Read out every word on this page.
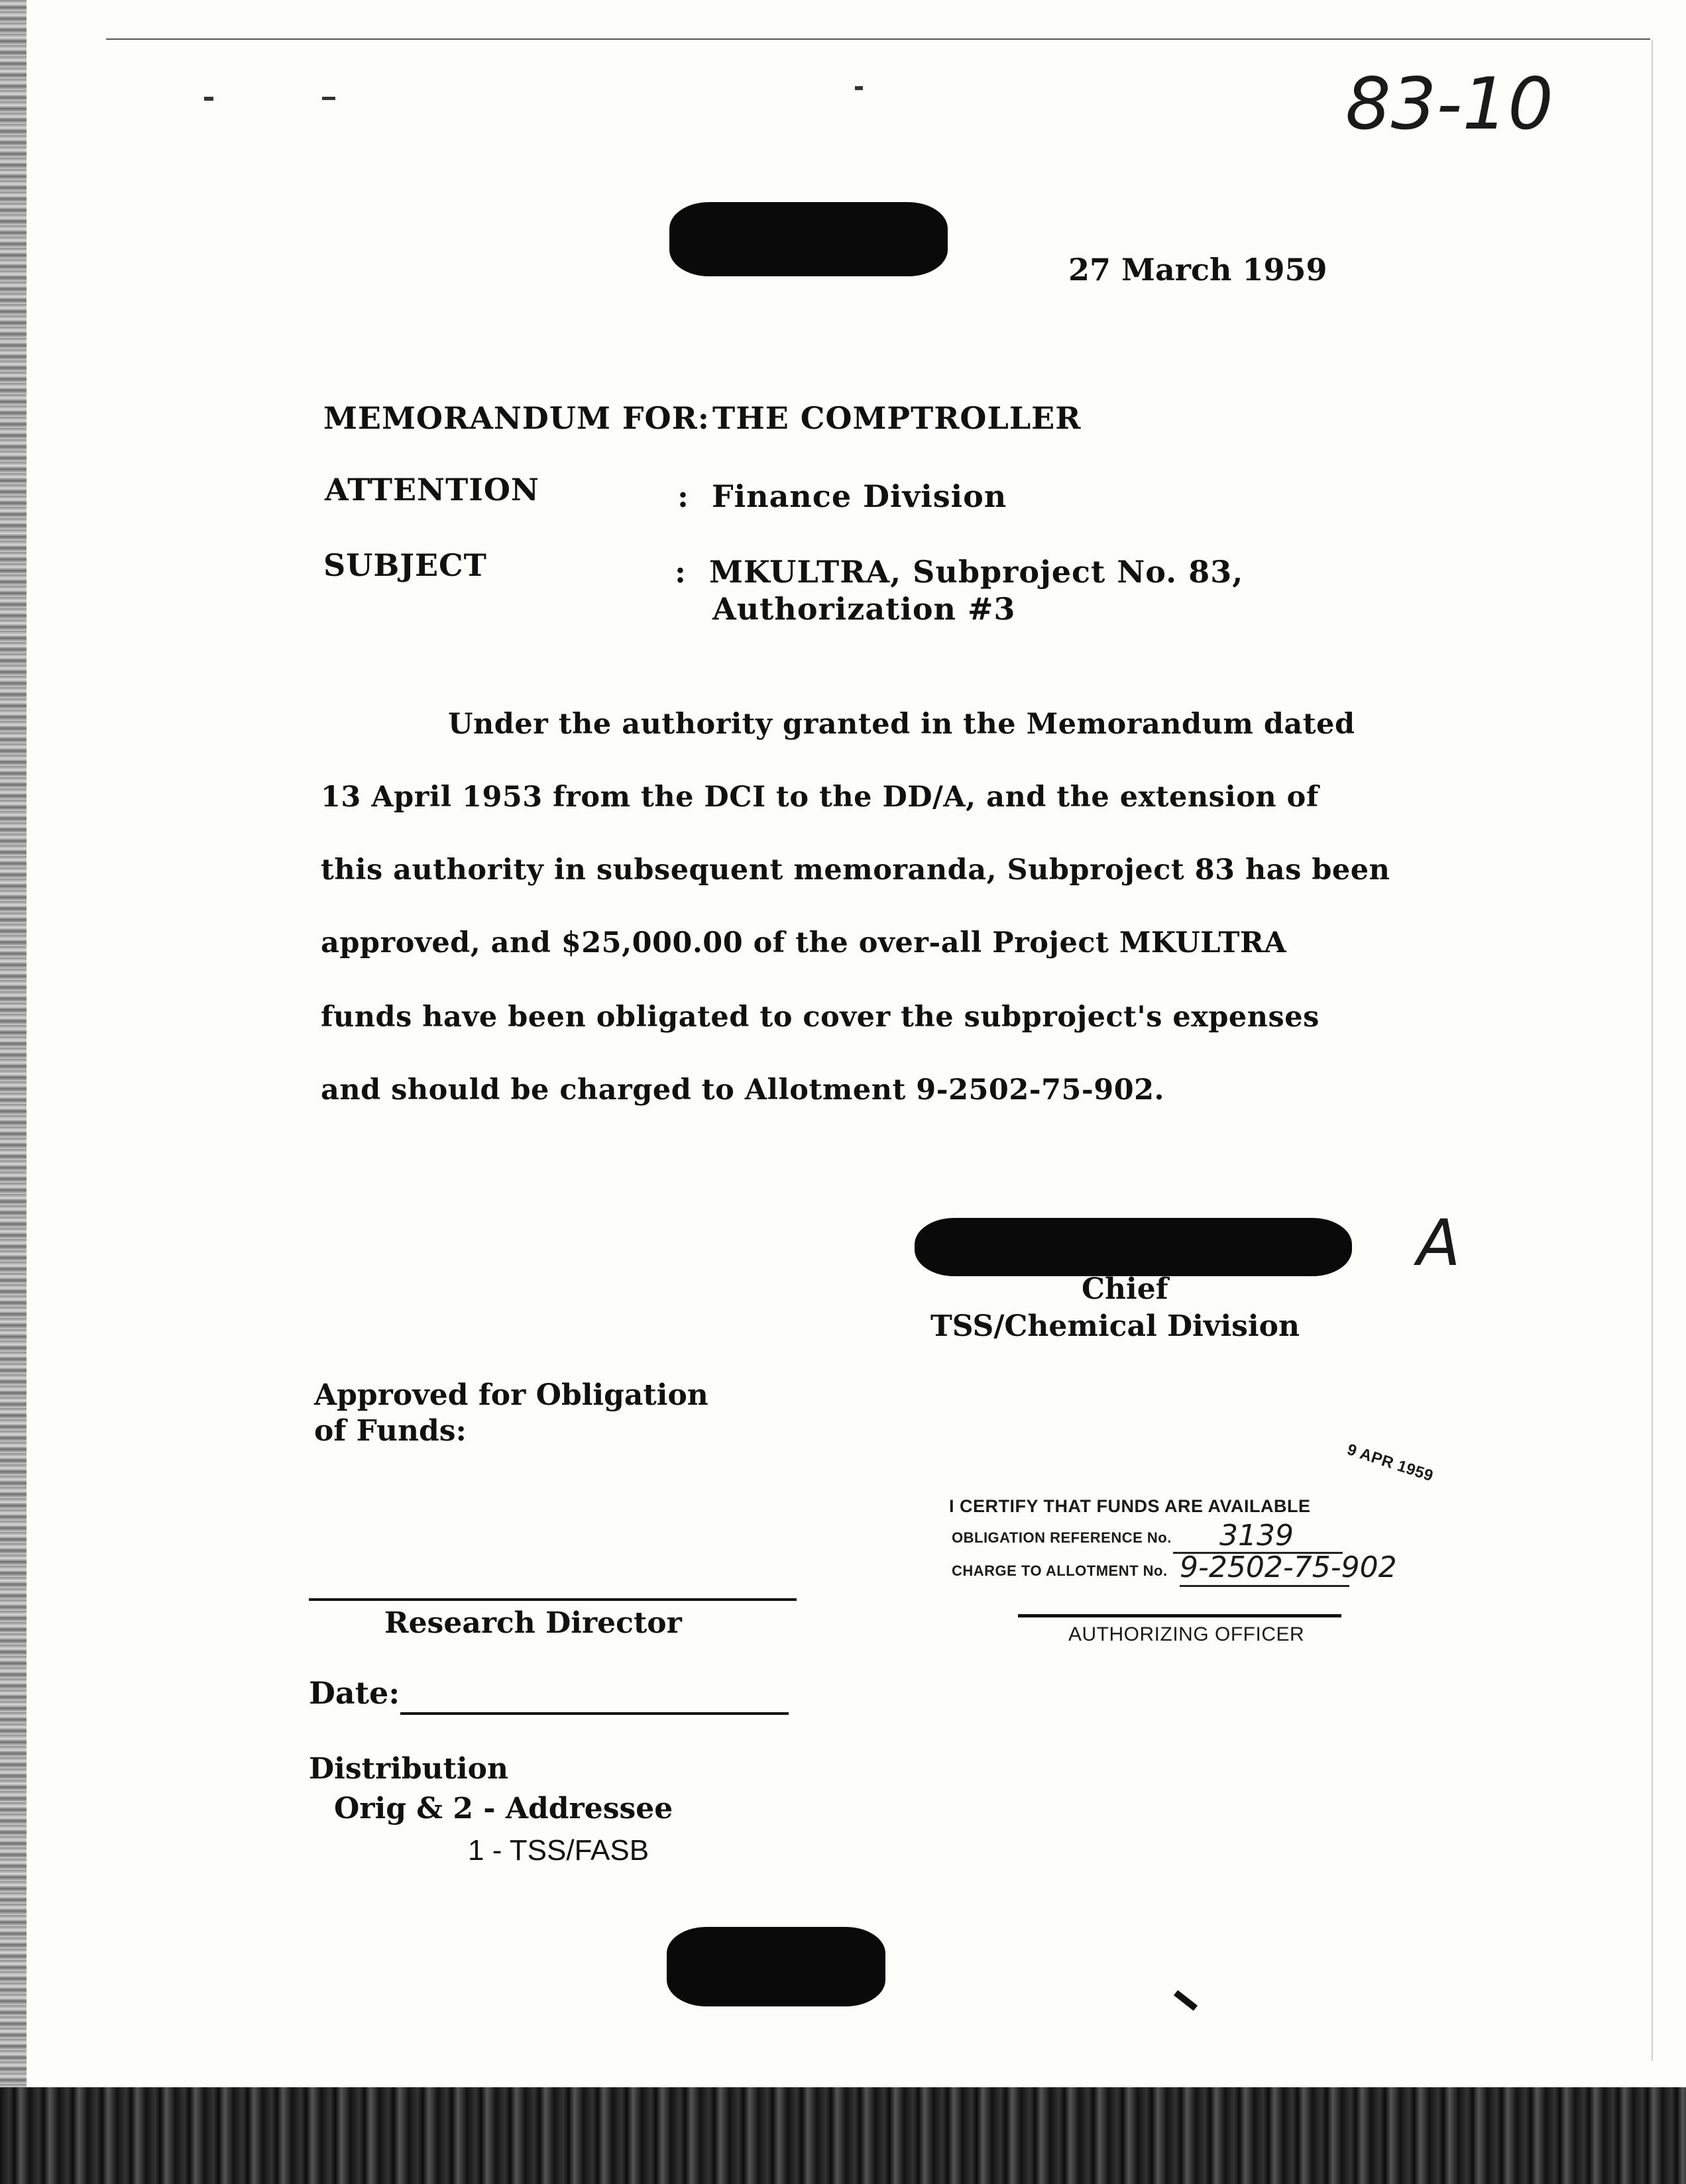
83-10
27 March 1959
MEMORANDUM FOR: THE COMPTROLLER
ATTENTION	:  Finance Division
SUBJECT	:  MKULTRA, Subproject No. 83,
Authorization #3
Under the authority granted in the Memorandum dated
13 April 1953 from the DCI to the DD/A, and the extension of
this authority in subsequent memoranda, Subproject 83 has been
approved, and $25,000.00 of the over-all Project MKULTRA
funds have been obligated to cover the subproject's expenses
and should be charged to Allotment 9-2502-75-902.
A
Chief
TSS/Chemical Division
Approved for Obligation
of Funds:
Research Director
Date:
Distribution
Orig & 2 - Addressee
1 - TSS/FASB
9 APR 1959
I CERTIFY THAT FUNDS ARE AVAILABLE
OBLIGATION REFERENCE No. 3139
CHARGE TO ALLOTMENT No. 9-2502-75-902
AUTHORIZING OFFICER
